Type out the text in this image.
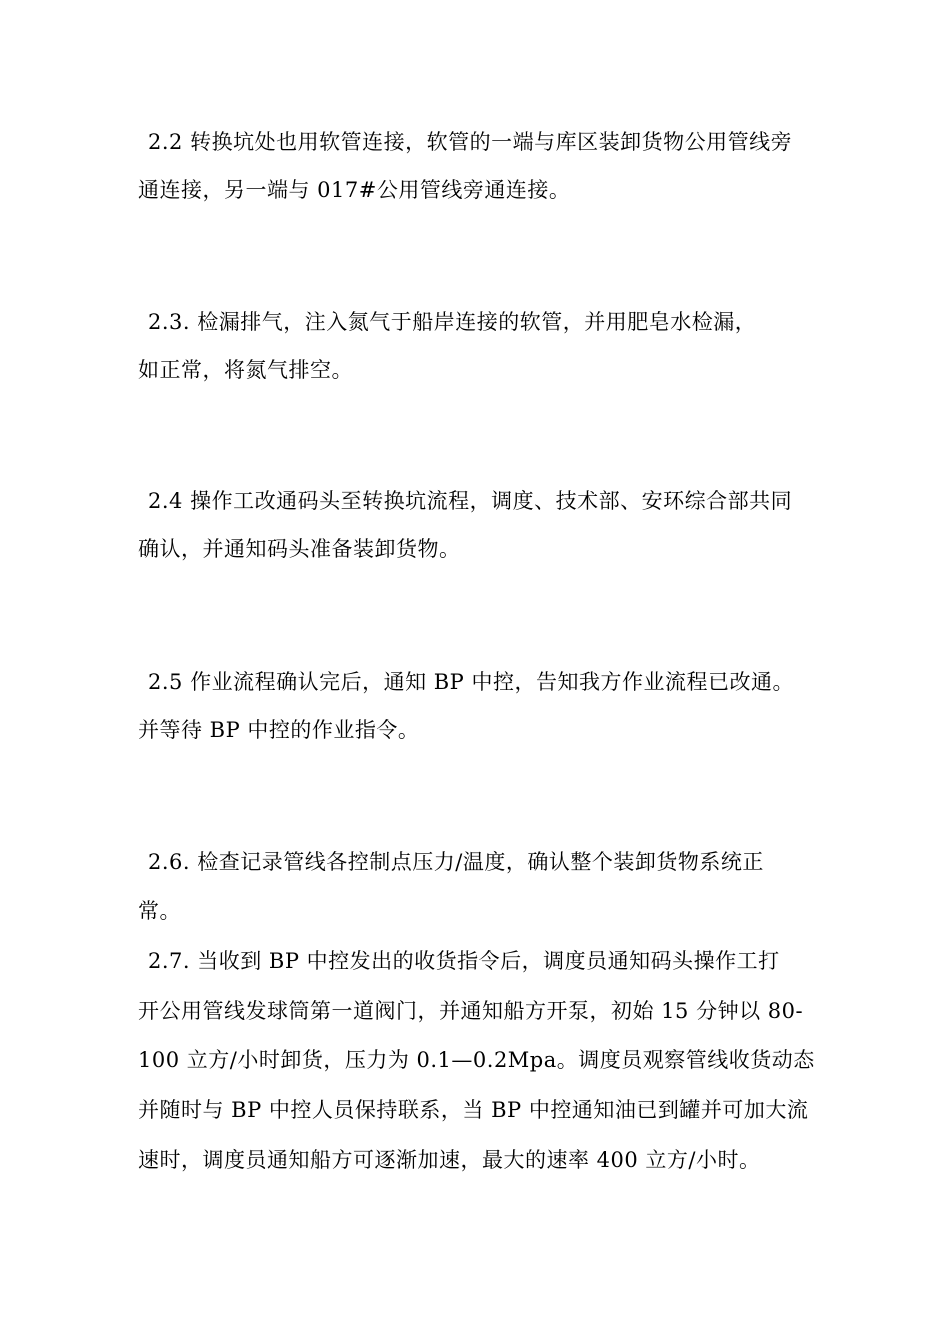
2.2 转换坑处也用软管连接，软管的一端与库区装卸货物公用管线旁
通连接，另一端与 017#公用管线旁通连接。
2.3. 检漏排气，注入氮气于船岸连接的软管，并用肥皂水检漏，
如正常，将氮气排空。
2.4 操作工改通码头至转换坑流程，调度、技术部、安环综合部共同
确认，并通知码头准备装卸货物。
2.5 作业流程确认完后，通知 BP 中控，告知我方作业流程已改通。
并等待 BP 中控的作业指令。
2.6. 检查记录管线各控制点压力/温度，确认整个装卸货物系统正
常。
2.7. 当收到 BP 中控发出的收货指令后，调度员通知码头操作工打
开公用管线发球筒第一道阀门，并通知船方开泵，初始 15 分钟以 80-
100 立方/小时卸货，压力为 0.1—0.2Mpa。调度员观察管线收货动态
并随时与 BP 中控人员保持联系，当 BP 中控通知油已到罐并可加大流
速时，调度员通知船方可逐渐加速，最大的速率 400 立方/小时。
